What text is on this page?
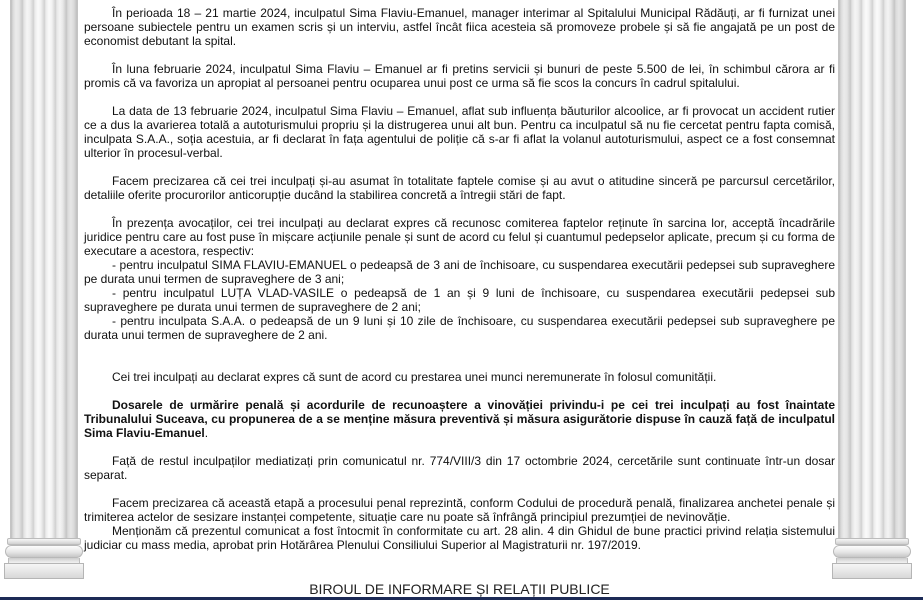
În perioada 18 – 21 martie 2024, inculpatul Sima Flaviu-Emanuel, manager interimar al Spitalului Municipal Rădăuți, ar fi furnizat unei persoane subiectele pentru un examen scris și un interviu, astfel încât fiica acesteia să promoveze probele și să fie angajată pe un post de economist debutant la spital.

În luna februarie 2024, inculpatul Sima Flaviu – Emanuel ar fi pretins servicii și bunuri de peste 5.500 de lei, în schimbul cărora ar fi promis că va favoriza un apropiat al persoanei pentru ocuparea unui post ce urma să fie scos la concurs în cadrul spitalului.

La data de 13 februarie 2024, inculpatul Sima Flaviu – Emanuel, aflat sub influența băuturilor alcoolice, ar fi provocat un accident rutier ce a dus la avarierea totală a autoturismului propriu și la distrugerea unui alt bun. Pentru ca inculpatul să nu fie cercetat pentru fapta comisă, inculpata S.A.A., soția acestuia, ar fi declarat în fața agentului de poliție că s-ar fi aflat la volanul autoturismului, aspect ce a fost consemnat ulterior în procesul-verbal.

Facem precizarea că cei trei inculpați și-au asumat în totalitate faptele comise și au avut o atitudine sinceră pe parcursul cercetărilor, detaliile oferite procurorilor anticorupție ducând la stabilirea concretă a întregii stări de fapt.

În prezența avocaților, cei trei inculpați au declarat expres că recunosc comiterea faptelor reținute în sarcina lor, acceptă încadrările juridice pentru care au fost puse în mișcare acțiunile penale și sunt de acord cu felul și cuantumul pedepselor aplicate, precum și cu forma de executare a acestora, respectiv:

- pentru inculpatul SIMA FLAVIU-EMANUEL o pedeapsă de 3 ani de închisoare, cu suspendarea executării pedepsei sub supraveghere pe durata unui termen de supraveghere de 3 ani;

- pentru inculpatul LUȚA VLAD-VASILE o pedeapsă de 1 an și 9 luni de închisoare, cu suspendarea executării pedepsei sub supraveghere pe durata unui termen de supraveghere de 2 ani;

- pentru inculpata S.A.A. o pedeapsă de un 9 luni și 10 zile de închisoare, cu suspendarea executării pedepsei sub supraveghere pe durata unui termen de supraveghere de 2 ani.

Cei trei inculpați au declarat expres că sunt de acord cu prestarea unei munci neremunerate în folosul comunității.

Dosarele de urmărire penală și acordurile de recunoaștere a vinovăției privindu-i pe cei trei inculpați au fost înaintate Tribunalului Suceava, cu propunerea de a se menține măsura preventivă și măsura asigurătorie dispuse în cauză față de inculpatul Sima Flaviu-Emanuel.

Față de restul inculpaților mediatizați prin comunicatul nr. 774/VIII/3 din 17 octombrie 2024, cercetările sunt continuate într-un dosar separat.

Facem precizarea că această etapă a procesului penal reprezintă, conform Codului de procedură penală, finalizarea anchetei penale și trimiterea actelor de sesizare instanței competente, situație care nu poate să înfrângă principiul prezumției de nevinovăție.

Menționăm că prezentul comunicat a fost întocmit în conformitate cu art. 28 alin. 4 din Ghidul de bune practici privind relația sistemului judiciar cu mass media, aprobat prin Hotărârea Plenului Consiliului Superior al Magistraturii nr. 197/2019.

BIROUL DE INFORMARE ȘI RELAȚII PUBLICE
